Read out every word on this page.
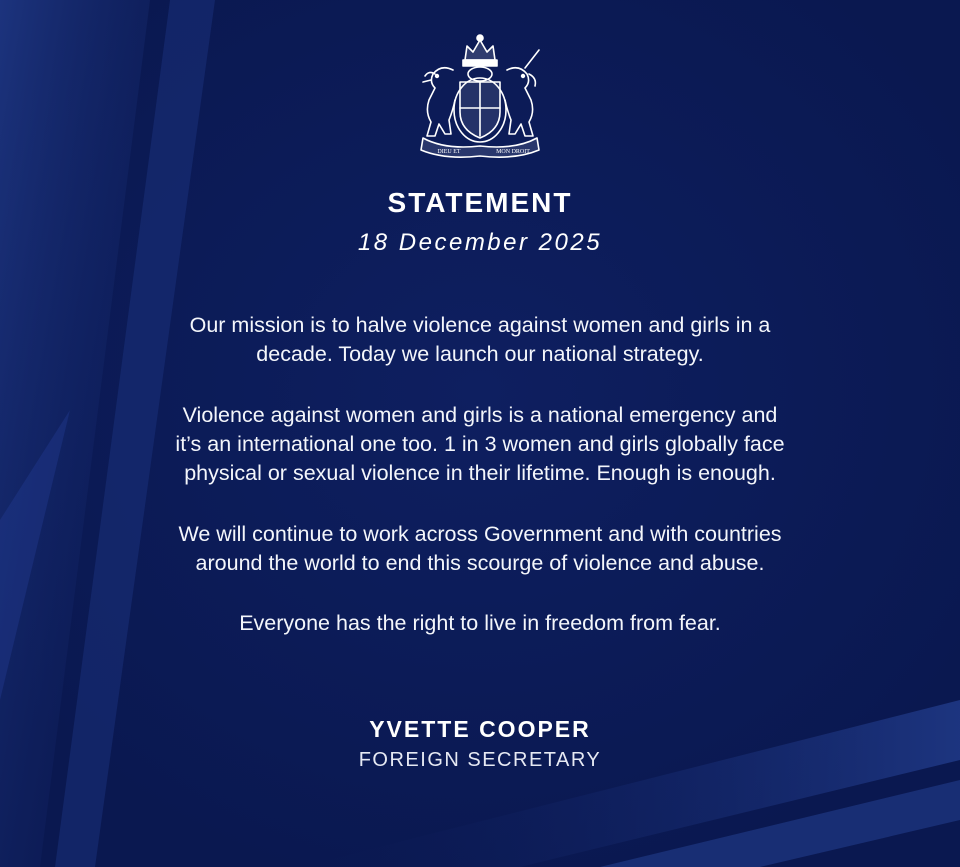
DIEU ET	MON DROIT
STATEMENT
18 December 2025
Our mission is to halve violence against women and girls in a
decade. Today we launch our national strategy.
Violence against women and girls is a national emergency and
it’s an international one too. 1 in 3 women and girls globally face
physical or sexual violence in their lifetime. Enough is enough.
We will continue to work across Government and with countries
around the world to end this scourge of violence and abuse.
Everyone has the right to live in freedom from fear.
YVETTE COOPER
FOREIGN SECRETARY
